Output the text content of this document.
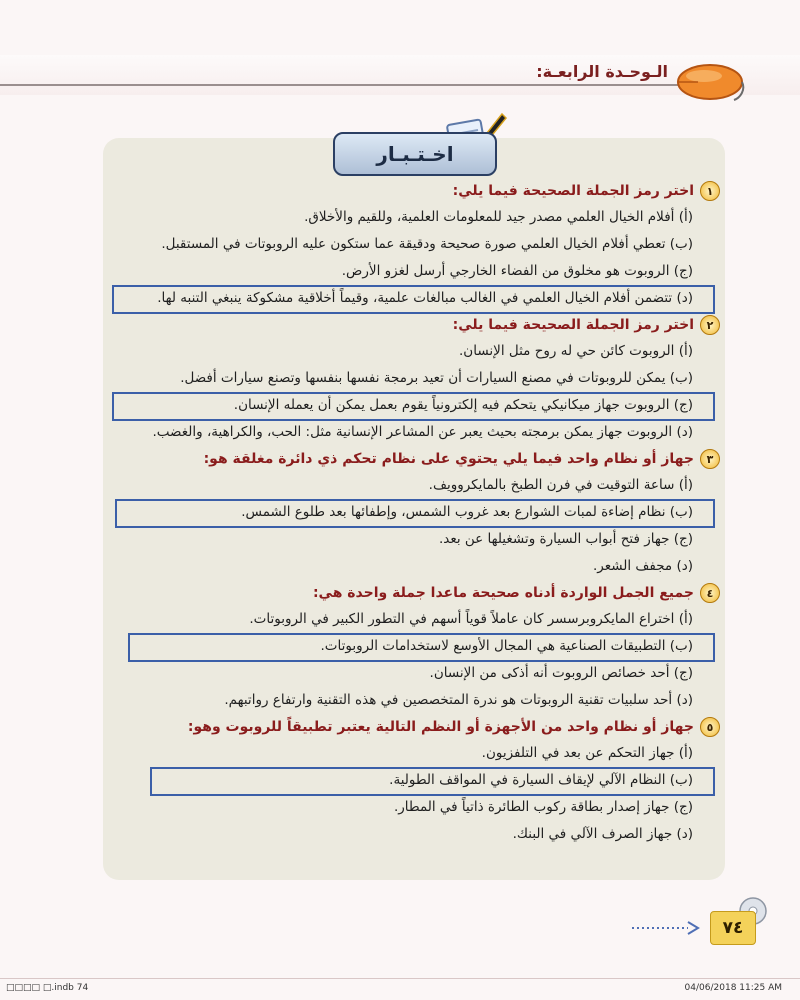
الـوحـدة الرابعـة:
اخـتـبـار
١
اختر رمز الجملة الصحيحة فيما يلي:
(أ) أفلام الخيال العلمي مصدر جيد للمعلومات العلمية، وللقيم والأخلاق.
(ب) تعطي أفلام الخيال العلمي صورة صحيحة ودقيقة عما ستكون عليه الروبوتات في المستقبل.
(ج) الروبوت هو مخلوق من الفضاء الخارجي أرسل لغزو الأرض.
(د) تتضمن أفلام الخيال العلمي في الغالب مبالغات علمية، وقيماً أخلاقية مشكوكة ينبغي التنبه لها.
٢
اختر رمز الجملة الصحيحة فيما يلي:
(أ) الروبوت كائن حي له روح مثل الإنسان.
(ب) يمكن للروبوتات في مصنع السيارات أن تعيد برمجة نفسها بنفسها وتصنع سيارات أفضل.
(ج) الروبوت جهاز ميكانيكي يتحكم فيه إلكترونياً يقوم بعمل يمكن أن يعمله الإنسان.
(د) الروبوت جهاز يمكن برمجته بحيث يعبر عن المشاعر الإنسانية مثل: الحب، والكراهية، والغضب.
٣
جهاز أو نظام واحد فيما يلي يحتوي على نظام تحكم ذي دائرة مغلقة هو:
(أ) ساعة التوقيت في فرن الطبخ بالمايكروويف.
(ب) نظام إضاءة لمبات الشوارع بعد غروب الشمس، وإطفائها بعد طلوع الشمس.
(ج) جهاز فتح أبواب السيارة وتشغيلها عن بعد.
(د) مجفف الشعر.
٤
جميع الجمل الواردة أدناه صحيحة ماعدا جملة واحدة هي:
(أ) اختراع المايكروبرسسر كان عاملاً قوياً أسهم في التطور الكبير في الروبوتات.
(ب) التطبيقات الصناعية هي المجال الأوسع لاستخدامات الروبوتات.
(ج) أحد خصائص الروبوت أنه أذكى من الإنسان.
(د) أحد سلبيات تقنية الروبوتات هو ندرة المتخصصين في هذه التقنية وارتفاع رواتبهم.
٥
جهاز أو نظام واحد من الأجهزة أو النظم التالية يعتبر تطبيقاً للروبوت وهو:
(أ) جهاز التحكم عن بعد في التلفزيون.
(ب) النظام الآلي لإيقاف السيارة في المواقف الطولية.
(ج) جهاز إصدار بطاقة ركوب الطائرة ذاتياً في المطار.
(د) جهاز الصرف الآلي في البنك.
٧٤
□□□□ □.indb 74	04/06/2018 11:25 AM
